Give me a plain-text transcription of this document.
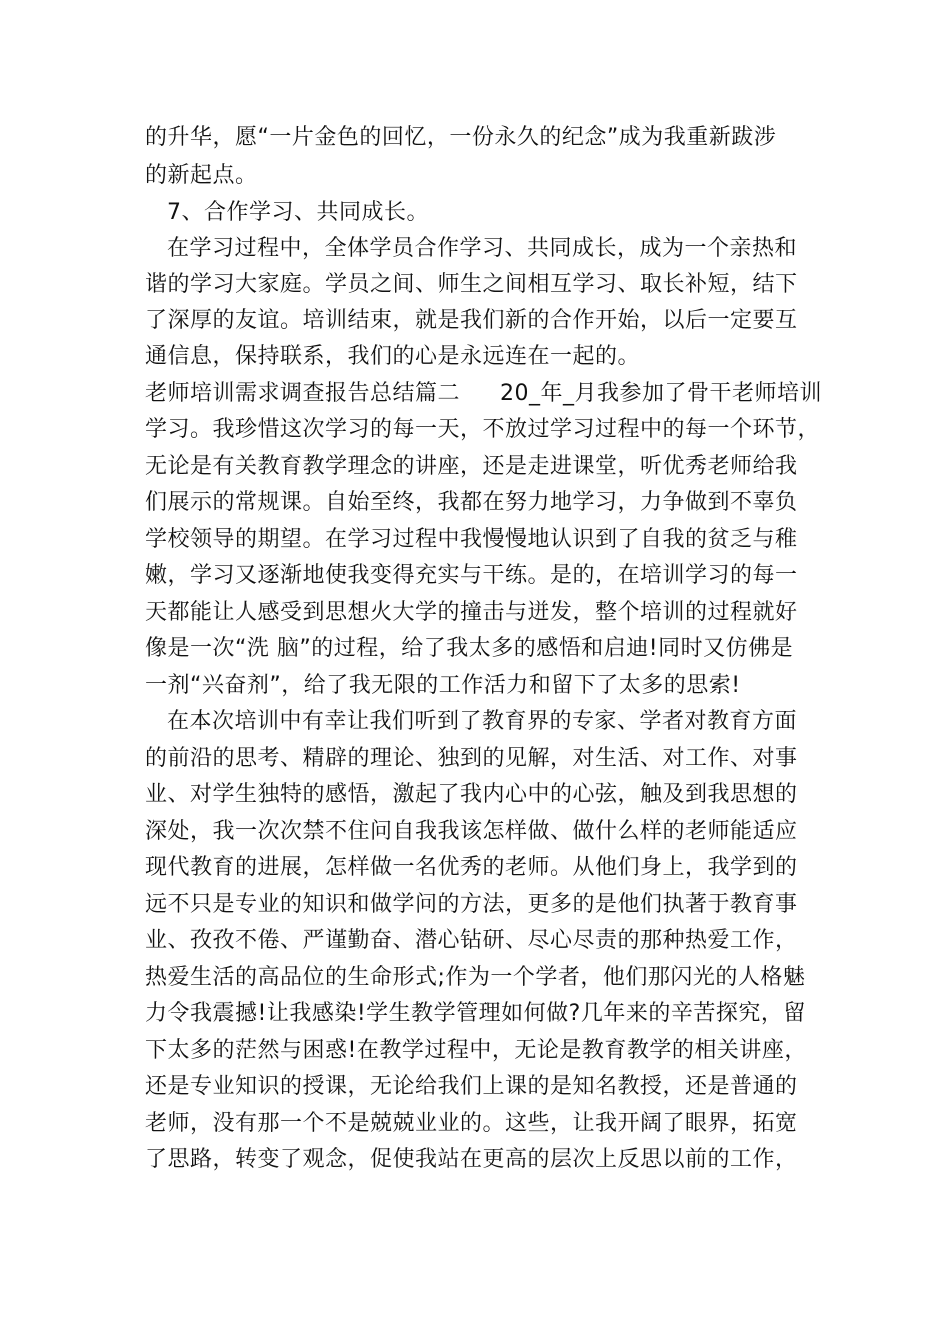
的升华，愿“一片金色的回忆，一份永久的纪念”成为我重新跋涉
的新起点。
7、合作学习、共同成长。
在学习过程中，全体学员合作学习、共同成长，成为一个亲热和
谐的学习大家庭。学员之间、师生之间相互学习、取长补短，结下
了深厚的友谊。培训结束，就是我们新的合作开始，以后一定要互
通信息，保持联系，我们的心是永远连在一起的。
老师培训需求调查报告总结篇二 20_年_月我参加了骨干老师培训
学习。我珍惜这次学习的每一天，不放过学习过程中的每一个环节，
无论是有关教育教学理念的讲座，还是走进课堂，听优秀老师给我
们展示的常规课。自始至终，我都在努力地学习，力争做到不辜负
学校领导的期望。在学习过程中我慢慢地认识到了自我的贫乏与稚
嫩，学习又逐渐地使我变得充实与干练。是的，在培训学习的每一
天都能让人感受到思想火大学的撞击与迸发，整个培训的过程就好
像是一次“洗 脑”的过程，给了我太多的感悟和启迪!同时又仿佛是
一剂“兴奋剂”，给了我无限的工作活力和留下了太多的思索!
在本次培训中有幸让我们听到了教育界的专家、学者对教育方面
的前沿的思考、精辟的理论、独到的见解，对生活、对工作、对事
业、对学生独特的感悟，激起了我内心中的心弦，触及到我思想的
深处，我一次次禁不住问自我我该怎样做、做什么样的老师能适应
现代教育的进展，怎样做一名优秀的老师。从他们身上，我学到的
远不只是专业的知识和做学问的方法，更多的是他们执著于教育事
业、孜孜不倦、严谨勤奋、潜心钻研、尽心尽责的那种热爱工作，
热爱生活的高品位的生命形式;作为一个学者，他们那闪光的人格魅
力令我震撼!让我感染!学生教学管理如何做?几年来的辛苦探究，留
下太多的茫然与困惑!在教学过程中，无论是教育教学的相关讲座，
还是专业知识的授课，无论给我们上课的是知名教授，还是普通的
老师，没有那一个不是兢兢业业的。这些，让我开阔了眼界，拓宽
了思路，转变了观念，促使我站在更高的层次上反思以前的工作，
